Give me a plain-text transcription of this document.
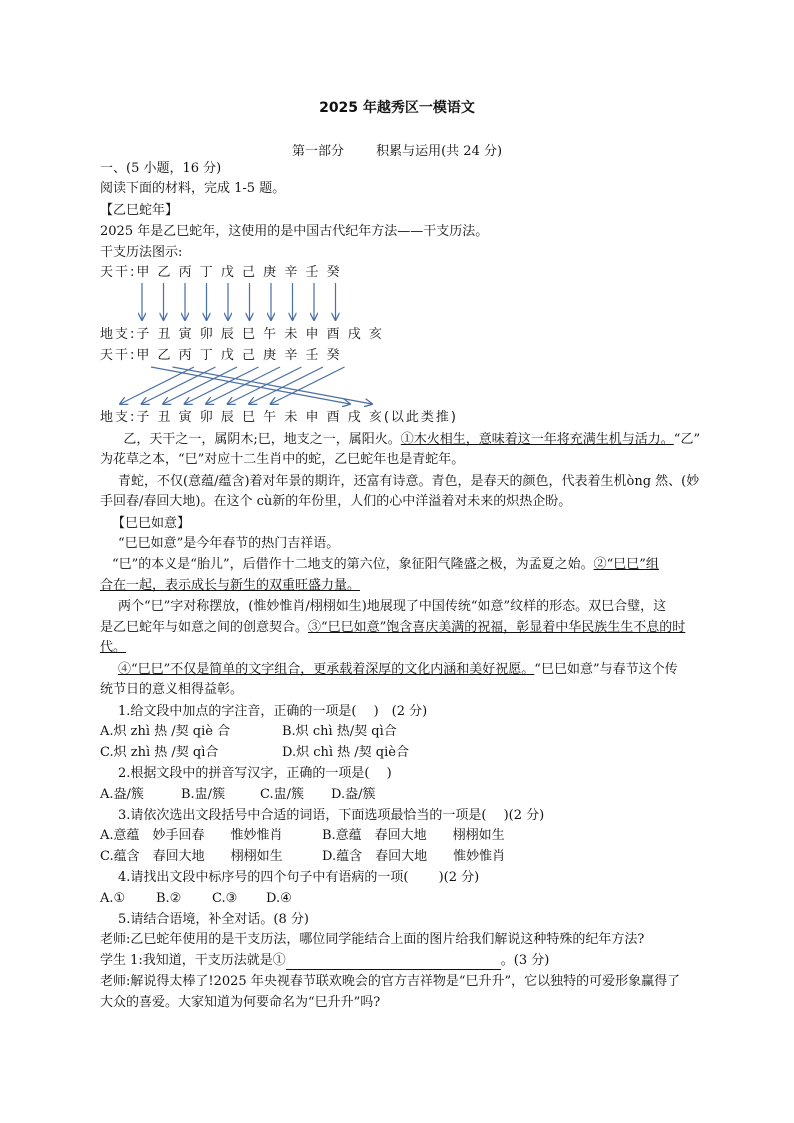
2025 年越秀区一模语文
第一部分 积累与运用(共 24 分)
一、(5 小题，16 分)
阅读下面的材料，完成 1-5 题。
【乙巳蛇年】
2025 年是乙巳蛇年，这使用的是中国古代纪年方法——干支历法。
干支历法图示:
天干:甲 乙 丙 丁 戊 己 庚 辛 壬 癸
地支:子 丑 寅 卯 辰 巳 午 未 申 酉 戌 亥
天干:甲 乙 丙 丁 戊 己 庚 辛 壬 癸
地支:子 丑 寅 卯 辰 巳 午 未 申 酉 戌 亥(以此类推)
乙，天干之一，属阴木;巳，地支之一，属阳火。①木火相生，意味着这一年将充满生机与活力。“乙”
为花草之本，“巳”对应十二生肖中的蛇，乙巳蛇年也是青蛇年。
青蛇，不仅(意蕴/蕴含)着对年景的期许，还富有诗意。青色，是春天的颜色，代表着生机òng 然、(妙
手回春/春回大地)。在这个 cù新的年份里，人们的心中洋溢着对未来的炽热企盼。
【巳巳如意】
“巳巳如意”是今年春节的热门吉祥语。
“巳”的本义是“胎儿”，后借作十二地支的第六位，象征阳气隆盛之极，为孟夏之始。②“巳巳”组
合在一起，表示成长与新生的双重旺盛力量。
两个“巳”字对称摆放，(惟妙惟肖/栩栩如生)地展现了中国传统“如意”纹样的形态。双巳合璧，这
是乙巳蛇年与如意之间的创意契合。③“巳巳如意”饱含喜庆美满的祝福，彰显着中华民族生生不息的时
代。
④“巳巳”不仅是简单的文字组合，更承载着深厚的文化内涵和美好祝愿。“巳巳如意”与春节这个传
统节日的意义相得益彰。
1.给文段中加点的字注音，正确的一项是(　 )　(2 分)
A.炽 zhì 热 /契 qiè 合	B.炽 chì 热/契 qì合
C.炽 zhì 热 /契 qì合	D.炽 chì 热 /契 qiè合
2.根据文段中的拼音写汉字，正确的一项是(　 )
A.盎/簇	B.盅/簇	C.盅/簇 D.盎/簇
3.请依次选出文段括号中合适的词语，下面选项最恰当的一项是(　 )(2 分)
A.意蕴　妙手回春　　惟妙惟肖	B.意蕴　春回大地　　栩栩如生
C.蕴含　春回大地　　栩栩如生	D.蕴含　春回大地　　惟妙惟肖
4.请找出文段中标序号的四个句子中有语病的一项(　 　)(2 分)
A.① B.② C.③ D.④
5.请结合语境，补全对话。(8 分)
老师:乙巳蛇年使用的是干支历法，哪位同学能结合上面的图片给我们解说这种特殊的纪年方法?
学生 1:我知道，干支历法就是①	。(3 分)
老师:解说得太棒了!2025 年央视春节联欢晚会的官方吉祥物是“巳升升”，它以独特的可爱形象赢得了
大众的喜爱。大家知道为何要命名为“巳升升”吗?
